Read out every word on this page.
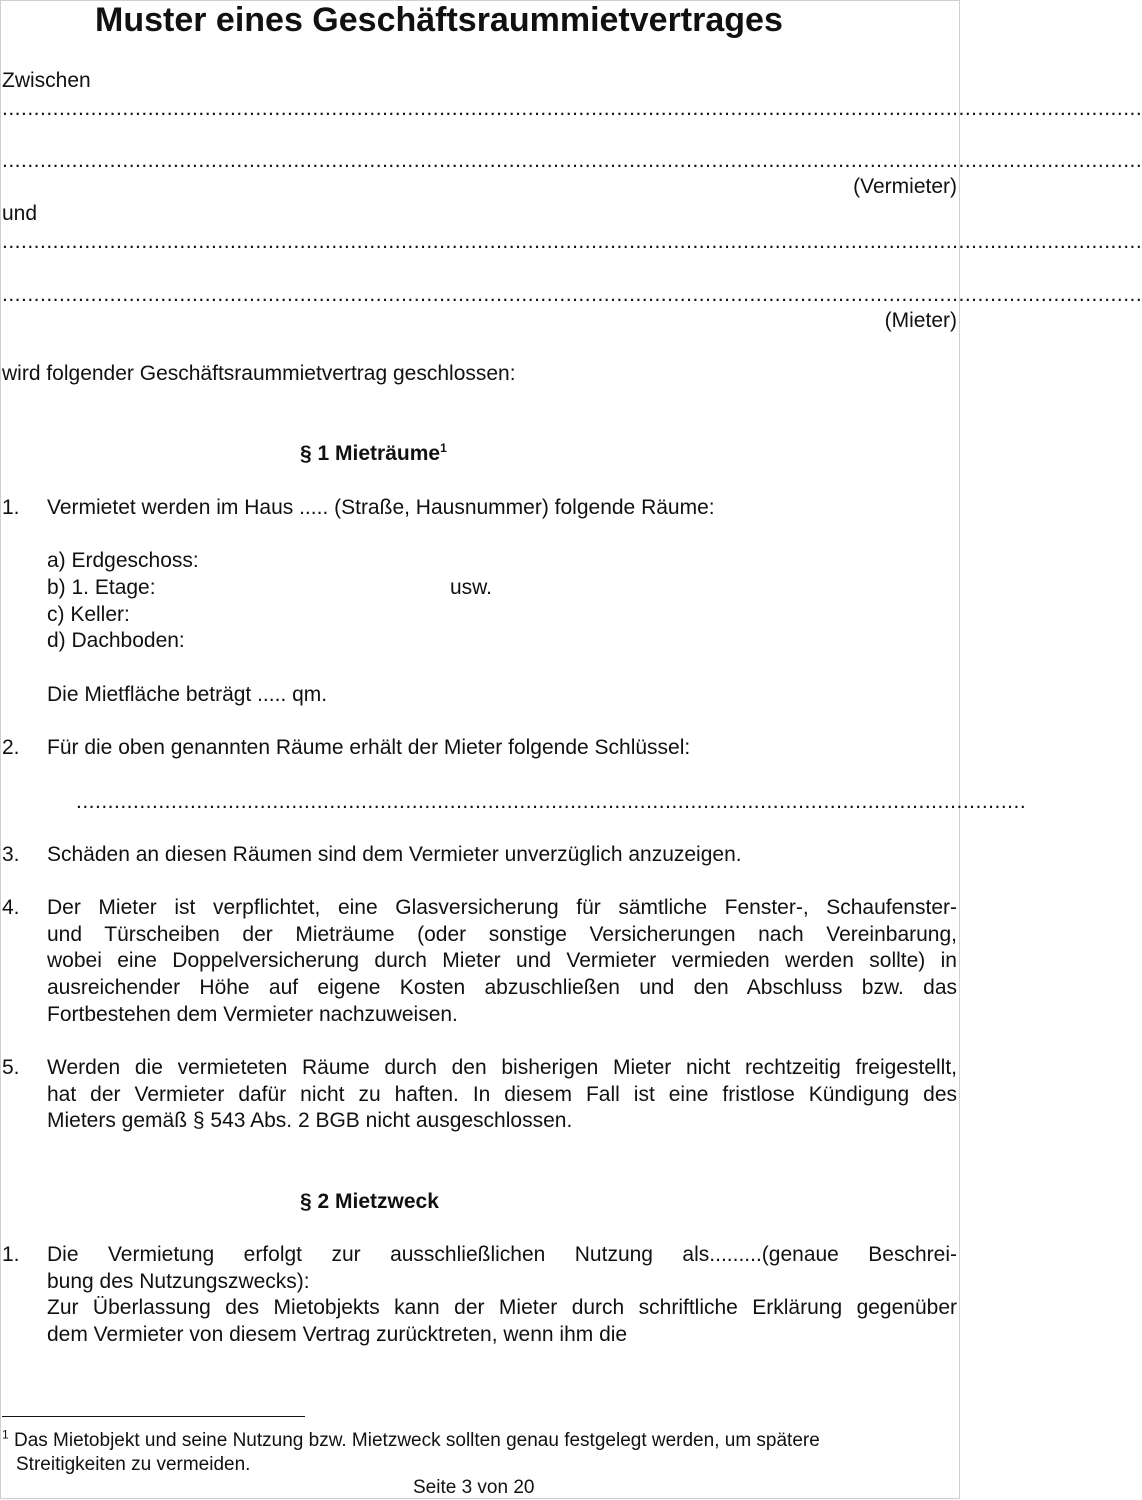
Muster eines Geschäftsraummietvertrages
Zwischen
....................................................................................................................................................................................
....................................................................................................................................................................................
(Vermieter)
und
....................................................................................................................................................................................
....................................................................................................................................................................................
(Mieter)
wird folgender Geschäftsraummietvertrag geschlossen:
§ 1 Mieträume$^1$
1. Vermietet werden im Haus ..... (Straße, Hausnummer) folgende Räume:
a) Erdgeschoss:
b) 1. Etage:	usw.
c) Keller:
d) Dachboden:
Die Mietfläche beträgt ..... qm.
2. Für die oben genannten Räume erhält der Mieter folgende Schlüssel:
......................................................................................................................................................
3. Schäden an diesen Räumen sind dem Vermieter unverzüglich anzuzeigen.
4. Der Mieter ist verpflichtet, eine Glasversicherung für sämtliche Fenster-, Schaufenster-
und Türscheiben der Mieträume (oder sonstige Versicherungen nach Vereinbarung,
wobei eine Doppelversicherung durch Mieter und Vermieter vermieden werden sollte) in
ausreichender Höhe auf eigene Kosten abzuschließen und den Abschluss bzw. das
Fortbestehen dem Vermieter nachzuweisen.
5. Werden die vermieteten Räume durch den bisherigen Mieter nicht rechtzeitig freigestellt,
hat der Vermieter dafür nicht zu haften. In diesem Fall ist eine fristlose Kündigung des
Mieters gemäß § 543 Abs. 2 BGB nicht ausgeschlossen.
§ 2 Mietzweck
1. Die Vermietung erfolgt zur ausschließlichen Nutzung als.........(genaue Beschrei-
bung des Nutzungszwecks):
Zur Überlassung des Mietobjekts kann der Mieter durch schriftliche Erklärung gegenüber
dem Vermieter von diesem Vertrag zurücktreten, wenn ihm die
$^1$ Das Mietobjekt und seine Nutzung bzw. Mietzweck sollten genau festgelegt werden, um spätere
Streitigkeiten zu vermeiden.
Seite 3 von 20
